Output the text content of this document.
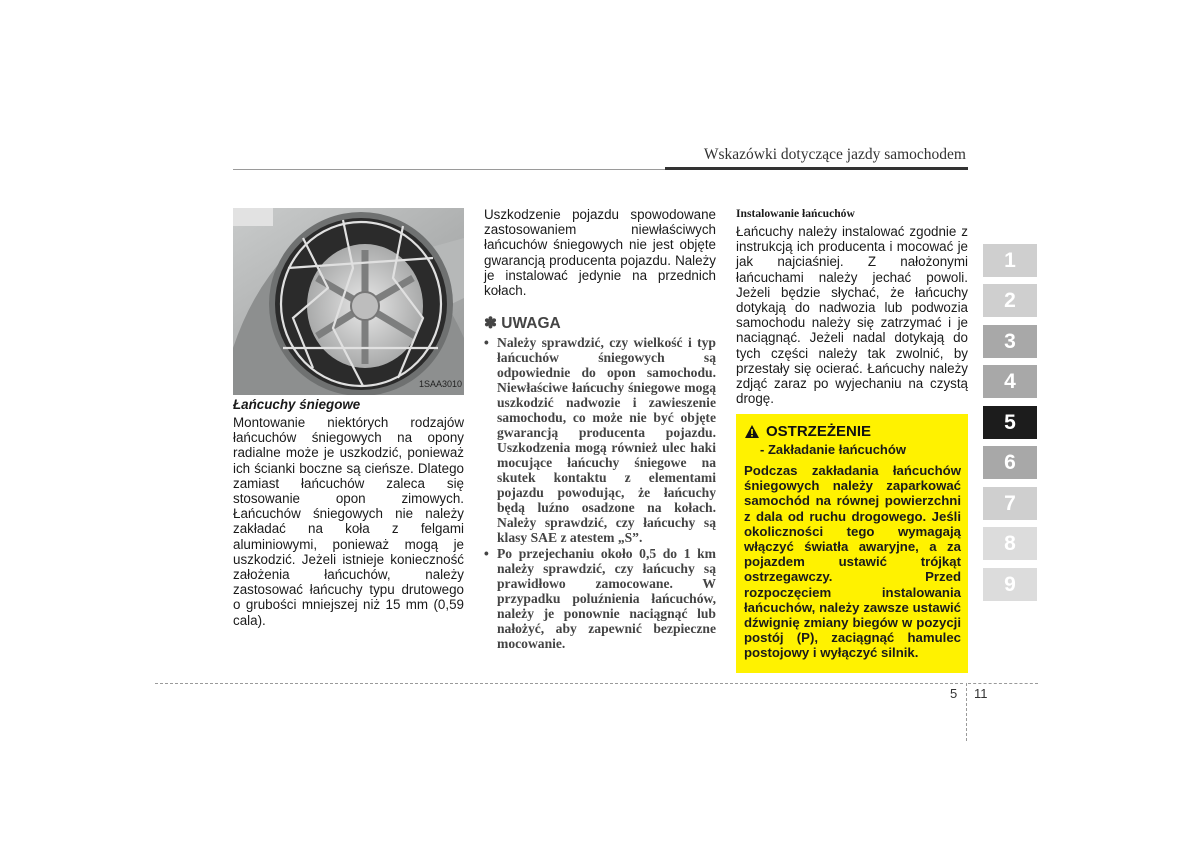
Wskazówki dotyczące jazdy samochodem
1SAA3010
Łańcuchy śniegowe

Montowanie niektórych rodzajów łańcuchów śniegowych na opony radialne może je uszkodzić, ponieważ ich ścianki boczne są cieńsze. Dlatego zamiast łańcuchów zaleca się stosowanie opon zimowych. Łańcuchów śniegowych nie należy zakładać na koła z felgami aluminiowymi, ponieważ mogą je uszkodzić. Jeżeli istnieje konieczność założenia łańcuchów, należy zastosować łańcuchy typu drutowego o grubości mniejszej niż 15 mm (0,59 cala).

Uszkodzenie pojazdu spowodowane zastosowaniem niewłaściwych łańcuchów śniegowych nie jest objęte gwarancją producenta pojazdu. Należy je instalować jedynie na przednich kołach.

✽ UWAGA
• Należy sprawdzić, czy wielkość i typ łańcuchów śniegowych są odpowiednie do opon samochodu. Niewłaściwe łańcuchy śniegowe mogą uszkodzić nadwozie i zawieszenie samochodu, co może nie być objęte gwarancją producenta pojazdu. Uszkodzenia mogą również ulec haki mocujące łańcuchy śniegowe na skutek kontaktu z elementami pojazdu powodując, że łańcuchy będą luźno osadzone na kołach. Należy sprawdzić, czy łańcuchy są klasy SAE z atestem „S”.
• Po przejechaniu około 0,5 do 1 km należy sprawdzić, czy łańcuchy są prawidłowo zamocowane. W przypadku poluźnienia łańcuchów, należy je ponownie naciągnąć lub nałożyć, aby zapewnić bezpieczne mocowanie.
Instalowanie łańcuchów

Łańcuchy należy instalować zgodnie z instrukcją ich producenta i mocować je jak najciaśniej. Z nałożonymi łańcuchami należy jechać powoli. Jeżeli będzie słychać, że łańcuchy dotykają do nadwozia lub podwozia samochodu należy się zatrzymać i je naciągnąć. Jeżeli nadal dotykają do tych części należy tak zwolnić, by przestały się ocierać. Łańcuchy należy zdjąć zaraz po wyjechaniu na czystą drogę.

OSTRZEŻENIE
- Zakładanie łańcuchów

Podczas zakładania łańcuchów śniegowych należy zaparkować samochód na równej powierzchni z dala od ruchu drogowego. Jeśli okoliczności tego wymagają włączyć światła awaryjne, a za pojazdem ustawić trójkąt ostrzegawczy. Przed rozpoczęciem instalowania łańcuchów, należy zawsze ustawić dźwignię zmiany biegów w pozycji postój (P), zaciągnąć hamulec postojowy i wyłączyć silnik.

1
2
3
4
5
6
7
8
9
5 11
